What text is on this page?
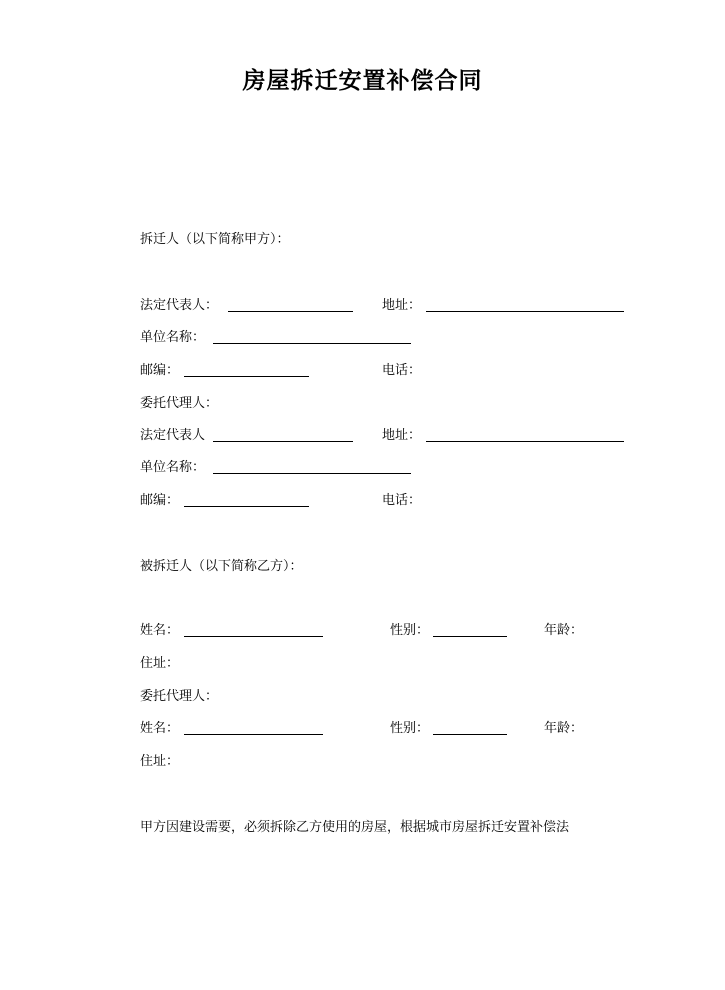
房屋拆迁安置补偿合同
拆迁人（以下简称甲方）：
法定代表人：	地址：
单位名称：
邮编：	电话：
委托代理人：
法定代表人	地址：
单位名称：
邮编：	电话：
被拆迁人（以下简称乙方）：
姓名：	性别：	年龄：
住址：
委托代理人：
姓名：	性别：	年龄：
住址：
甲方因建设需要，必须拆除乙方使用的房屋，根据城市房屋拆迁安置补偿法
